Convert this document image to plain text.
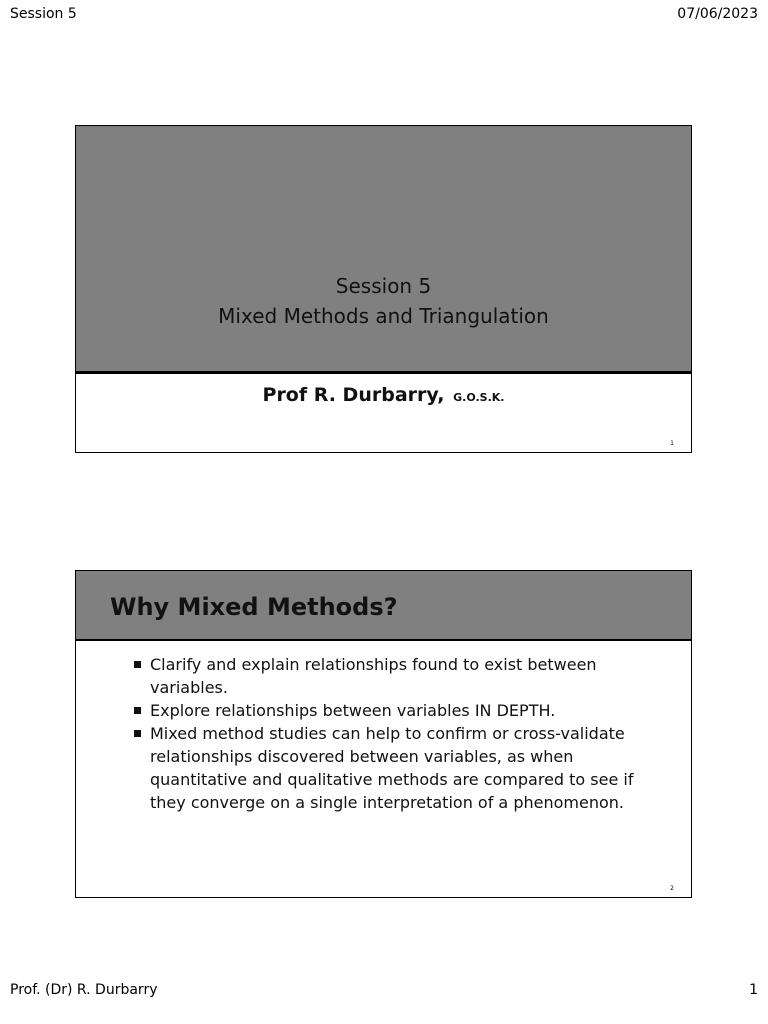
Session 5	07/06/2023
Session 5
Mixed Methods and Triangulation
Prof R. Durbarry, G.O.S.K.
1
Why Mixed Methods?
Clarify and explain relationships found to exist between variables.
Explore relationships between variables IN DEPTH.
Mixed method studies can help to confirm or cross-validate relationships discovered between variables, as when quantitative and qualitative methods are compared to see if they converge on a single interpretation of a phenomenon.
2
Prof. (Dr) R. Durbarry	1
